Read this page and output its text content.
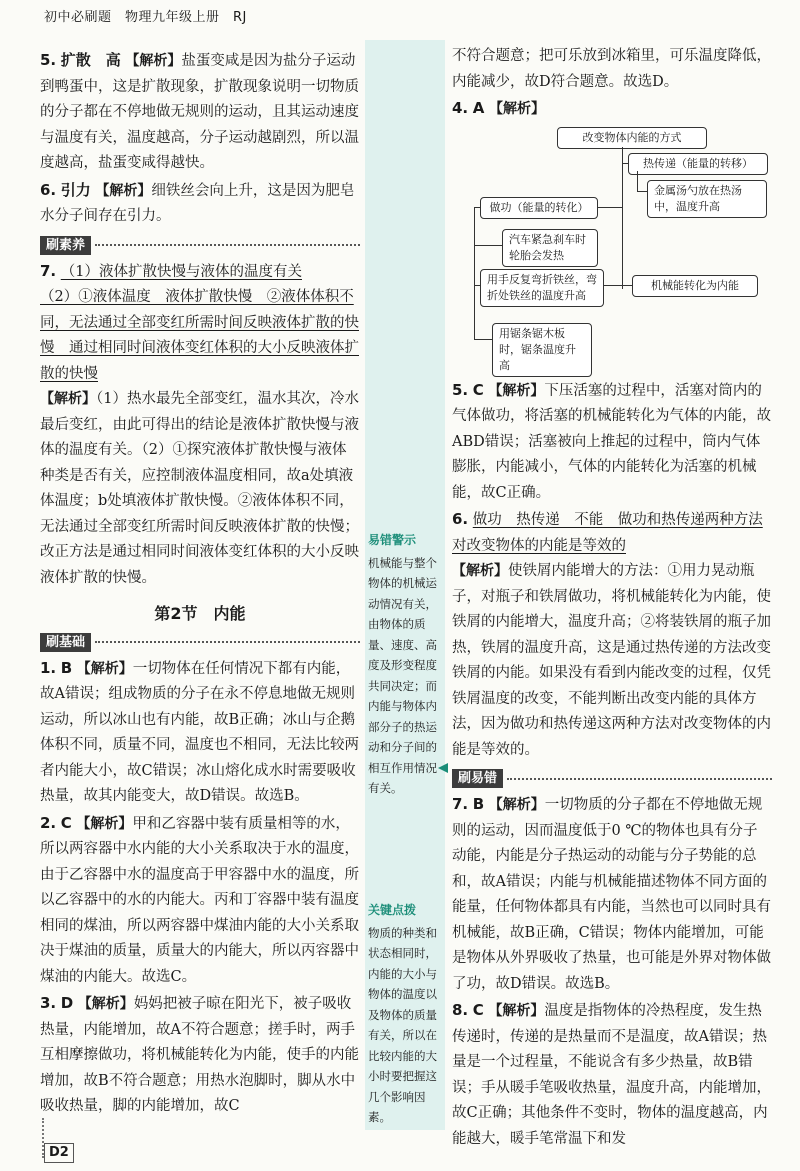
初中必刷题　物理九年级上册　RJ
易错警示
机械能与整个物体的机械运动情况有关，由物体的质量、速度、高度及形变程度共同决定；而内能与物体内部分子的热运动和分子间的相互作用情况有关。
关键点拨
物质的种类和状态相同时，内能的大小与物体的温度以及物体的质量有关，所以在比较内能的大小时要把握这几个影响因素。
5. 扩散　高 【解析】盐蛋变咸是因为盐分子运动到鸭蛋中，这是扩散现象，扩散现象说明一切物质的分子都在不停地做无规则的运动，且其运动速度与温度有关，温度越高，分子运动越剧烈，所以温度越高，盐蛋变咸得越快。
6. 引力 【解析】细铁丝会向上升，这是因为肥皂水分子间存在引力。
刷素养
7. （1）液体扩散快慢与液体的温度有关
（2）①液体温度　液体扩散快慢　②液体体积不同，无法通过全部变红所需时间反映液体扩散的快慢　通过相同时间液体变红体积的大小反映液体扩散的快慢
【解析】（1）热水最先全部变红，温水其次，冷水最后变红，由此可得出的结论是液体扩散快慢与液体的温度有关。（2）①探究液体扩散快慢与液体种类是否有关，应控制液体温度相同，故a处填液体温度；b处填液体扩散快慢。②液体体积不同，无法通过全部变红所需时间反映液体扩散的快慢；改正方法是通过相同时间液体变红体积的大小反映液体扩散的快慢。
第2节　内能
刷基础
1. B 【解析】一切物体在任何情况下都有内能，故A错误；组成物质的分子在永不停息地做无规则运动，所以冰山也有内能，故B正确；冰山与企鹅体积不同，质量不同，温度也不相同，无法比较两者内能大小，故C错误；冰山熔化成水时需要吸收热量，故其内能变大，故D错误。故选B。
2. C 【解析】甲和乙容器中装有质量相等的水，所以两容器中水内能的大小关系取决于水的温度，由于乙容器中水的温度高于甲容器中水的温度，所以乙容器中的水的内能大。丙和丁容器中装有温度相同的煤油，所以两容器中煤油内能的大小关系取决于煤油的质量，质量大的内能大，所以丙容器中煤油的内能大。故选C。
3. D 【解析】妈妈把被子晾在阳光下，被子吸收热量，内能增加，故A不符合题意；搓手时，两手互相摩擦做功，将机械能转化为内能，使手的内能增加，故B不符合题意；用热水泡脚时，脚从水中吸收热量，脚的内能增加，故C
不符合题意；把可乐放到冰箱里，可乐温度降低，内能减少，故D符合题意。故选D。
4. A 【解析】
改变物体内能的方式
热传递（能量的转移）
金属汤勺放在热汤中，温度升高
做功（能量的转化）
汽车紧急刹车时轮胎会发热
用手反复弯折铁丝，弯折处铁丝的温度升高
用锯条锯木板时，锯条温度升高
机械能转化为内能
5. C 【解析】下压活塞的过程中，活塞对筒内的气体做功，将活塞的机械能转化为气体的内能，故ABD错误；活塞被向上推起的过程中，筒内气体膨胀，内能减小，气体的内能转化为活塞的机械能，故C正确。
6. 做功　热传递　不能　做功和热传递两种方法对改变物体的内能是等效的
【解析】使铁屑内能增大的方法：①用力晃动瓶子，对瓶子和铁屑做功，将机械能转化为内能，使铁屑的内能增大，温度升高；②将装铁屑的瓶子加热，铁屑的温度升高，这是通过热传递的方法改变铁屑的内能。如果没有看到内能改变的过程，仅凭铁屑温度的改变，不能判断出改变内能的具体方法，因为做功和热传递这两种方法对改变物体的内能是等效的。
刷易错
7. B 【解析】一切物质的分子都在不停地做无规则的运动，因而温度低于0 ℃的物体也具有分子动能，内能是分子热运动的动能与分子势能的总和，故A错误；内能与机械能描述物体不同方面的能量，任何物体都具有内能，当然也可以同时具有机械能，故B正确，C错误；物体内能增加，可能是物体从外界吸收了热量，也可能是外界对物体做了功，故D错误。故选B。
8. C 【解析】温度是指物体的冷热程度，发生热传递时，传递的是热量而不是温度，故A错误；热量是一个过程量，不能说含有多少热量，故B错误；手从暖手笔吸收热量，温度升高，内能增加，故C正确；其他条件不变时，物体的温度越高，内能越大，暖手笔常温下和发
D2
